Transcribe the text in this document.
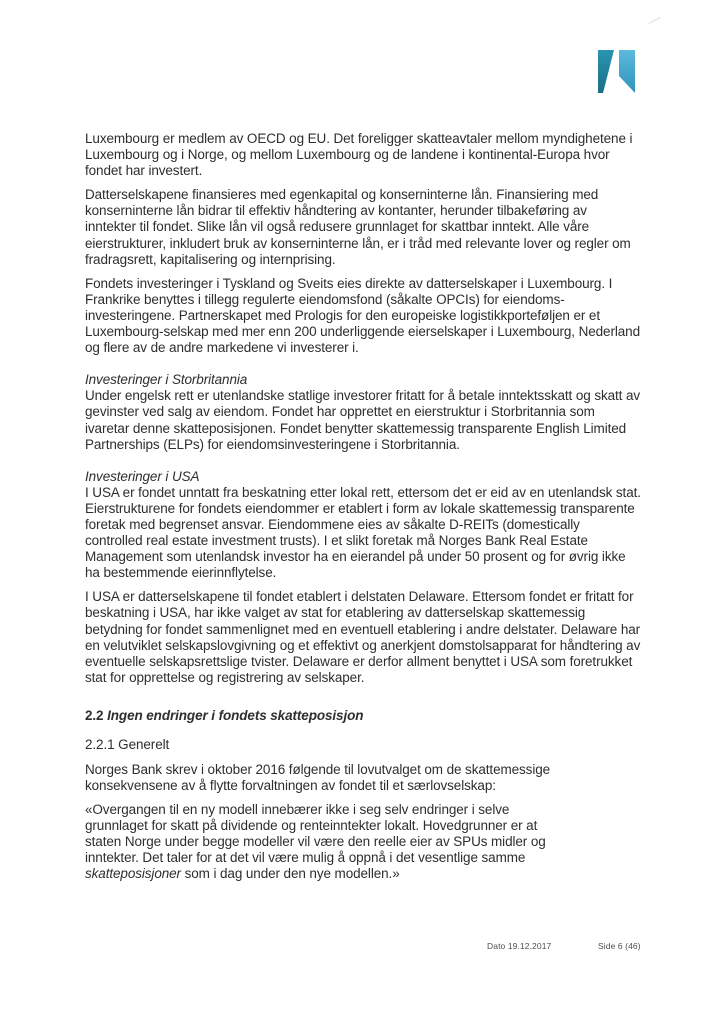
Luxembourg er medlem av OECD og EU. Det foreligger skatteavtaler mellom myndighetene i Luxembourg og i Norge, og mellom Luxembourg og de landene i kontinental-Europa hvor fondet har investert.

Datterselskapene finansieres med egenkapital og konserninterne lån. Finansiering med konserninterne lån bidrar til effektiv håndtering av kontanter, herunder tilbakeføring av inntekter til fondet. Slike lån vil også redusere grunnlaget for skattbar inntekt. Alle våre eierstrukturer, inkludert bruk av konserninterne lån, er i tråd med relevante lover og regler om fradragsrett, kapitalisering og internprising.

Fondets investeringer i Tyskland og Sveits eies direkte av datterselskaper i Luxembourg. I Frankrike benyttes i tillegg regulerte eiendomsfond (såkalte OPCIs) for eiendoms-investeringene. Partnerskapet med Prologis for den europeiske logistikkporteføljen er et Luxembourg-selskap med mer enn 200 underliggende eierselskaper i Luxembourg, Nederland og flere av de andre markedene vi investerer i.

Investeringer i Storbritannia

Under engelsk rett er utenlandske statlige investorer fritatt for å betale inntektsskatt og skatt av gevinster ved salg av eiendom. Fondet har opprettet en eierstruktur i Storbritannia som ivaretar denne skatteposisjonen. Fondet benytter skattemessig transparente English Limited Partnerships (ELPs) for eiendomsinvesteringene i Storbritannia.

Investeringer i USA

I USA er fondet unntatt fra beskatning etter lokal rett, ettersom det er eid av en utenlandsk stat. Eierstrukturene for fondets eiendommer er etablert i form av lokale skattemessig transparente foretak med begrenset ansvar. Eiendommene eies av såkalte D-REITs (domestically controlled real estate investment trusts). I et slikt foretak må Norges Bank Real Estate Management som utenlandsk investor ha en eierandel på under 50 prosent og for øvrig ikke ha bestemmende eierinnflytelse.

I USA er datterselskapene til fondet etablert i delstaten Delaware. Ettersom fondet er fritatt for beskatning i USA, har ikke valget av stat for etablering av datterselskap skattemessig betydning for fondet sammenlignet med en eventuell etablering i andre delstater. Delaware har en velutviklet selskapslovgivning og et effektivt og anerkjent domstolsapparat for håndtering av eventuelle selskapsrettslige tvister. Delaware er derfor allment benyttet i USA som foretrukket stat for opprettelse og registrering av selskaper.

2.2 Ingen endringer i fondets skatteposisjon
2.2.1 Generelt

Norges Bank skrev i oktober 2016 følgende til lovutvalget om de skattemessige konsekvensene av å flytte forvaltningen av fondet til et særlovselskap:

«Overgangen til en ny modell innebærer ikke i seg selv endringer i selve grunnlaget for skatt på dividende og renteinntekter lokalt. Hovedgrunner er at staten Norge under begge modeller vil være den reelle eier av SPUs midler og inntekter. Det taler for at det vil være mulig å oppnå i det vesentlige samme skatteposisjoner som i dag under den nye modellen.»

Dato 19.12.2017	Side 6 (46)
